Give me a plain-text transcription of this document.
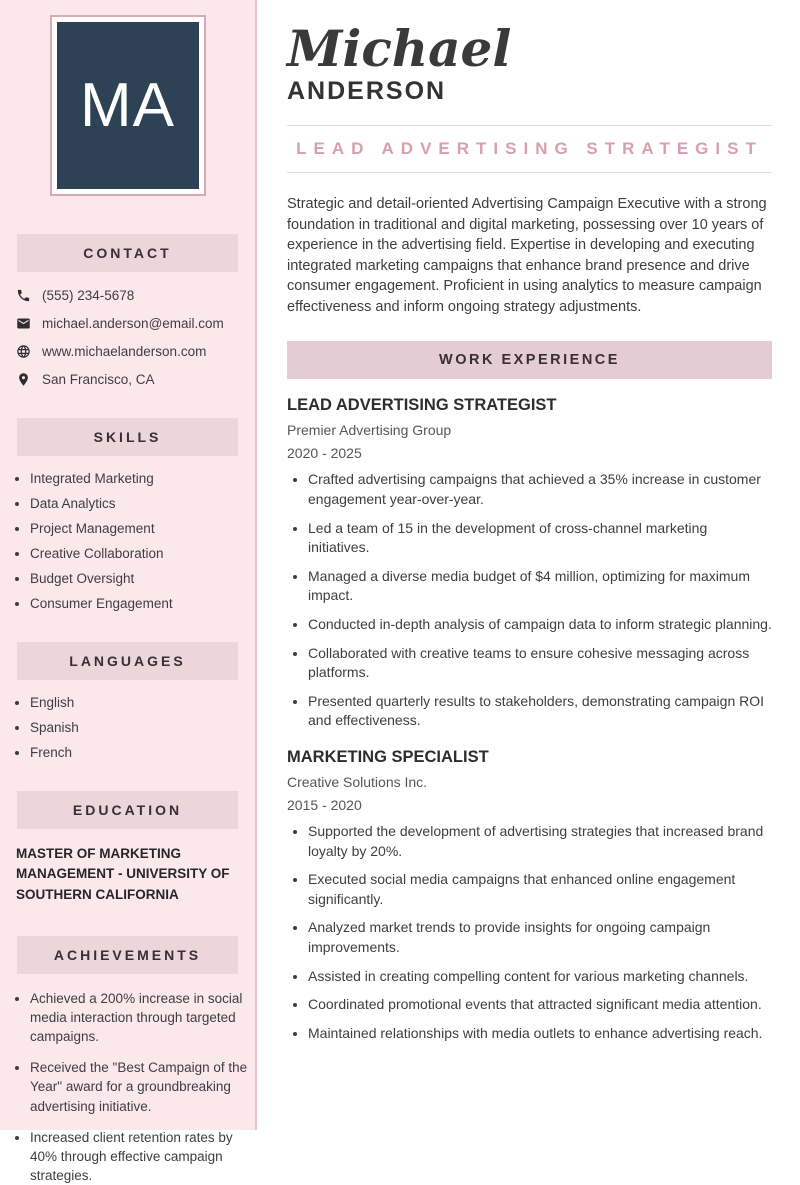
MA
CONTACT
(555) 234-5678
michael.anderson@email.com
www.michaelanderson.com
San Francisco, CA
SKILLS
• Integrated Marketing
• Data Analytics
• Project Management
• Creative Collaboration
• Budget Oversight
• Consumer Engagement
LANGUAGES
• English
• Spanish
• French
EDUCATION
MASTER OF MARKETING MANAGEMENT - UNIVERSITY OF SOUTHERN CALIFORNIA
ACHIEVEMENTS
• Achieved a 200% increase in social media interaction through targeted campaigns.
• Received the "Best Campaign of the Year" award for a groundbreaking advertising initiative.
• Increased client retention rates by 40% through effective campaign strategies.
Michael
ANDERSON
LEAD ADVERTISING STRATEGIST

Strategic and detail-oriented Advertising Campaign Executive with a strong foundation in traditional and digital marketing, possessing over 10 years of experience in the advertising field. Expertise in developing and executing integrated marketing campaigns that enhance brand presence and drive consumer engagement. Proficient in using analytics to measure campaign effectiveness and inform ongoing strategy adjustments.

WORK EXPERIENCE
LEAD ADVERTISING STRATEGIST
Premier Advertising Group
2020 - 2025
• Crafted advertising campaigns that achieved a 35% increase in customer engagement year-over-year.
• Led a team of 15 in the development of cross-channel marketing initiatives.
• Managed a diverse media budget of $4 million, optimizing for maximum impact.
• Conducted in-depth analysis of campaign data to inform strategic planning.
• Collaborated with creative teams to ensure cohesive messaging across platforms.
• Presented quarterly results to stakeholders, demonstrating campaign ROI and effectiveness.
MARKETING SPECIALIST
Creative Solutions Inc.
2015 - 2020
• Supported the development of advertising strategies that increased brand loyalty by 20%.
• Executed social media campaigns that enhanced online engagement significantly.
• Analyzed market trends to provide insights for ongoing campaign improvements.
• Assisted in creating compelling content for various marketing channels.
• Coordinated promotional events that attracted significant media attention.
• Maintained relationships with media outlets to enhance advertising reach.
